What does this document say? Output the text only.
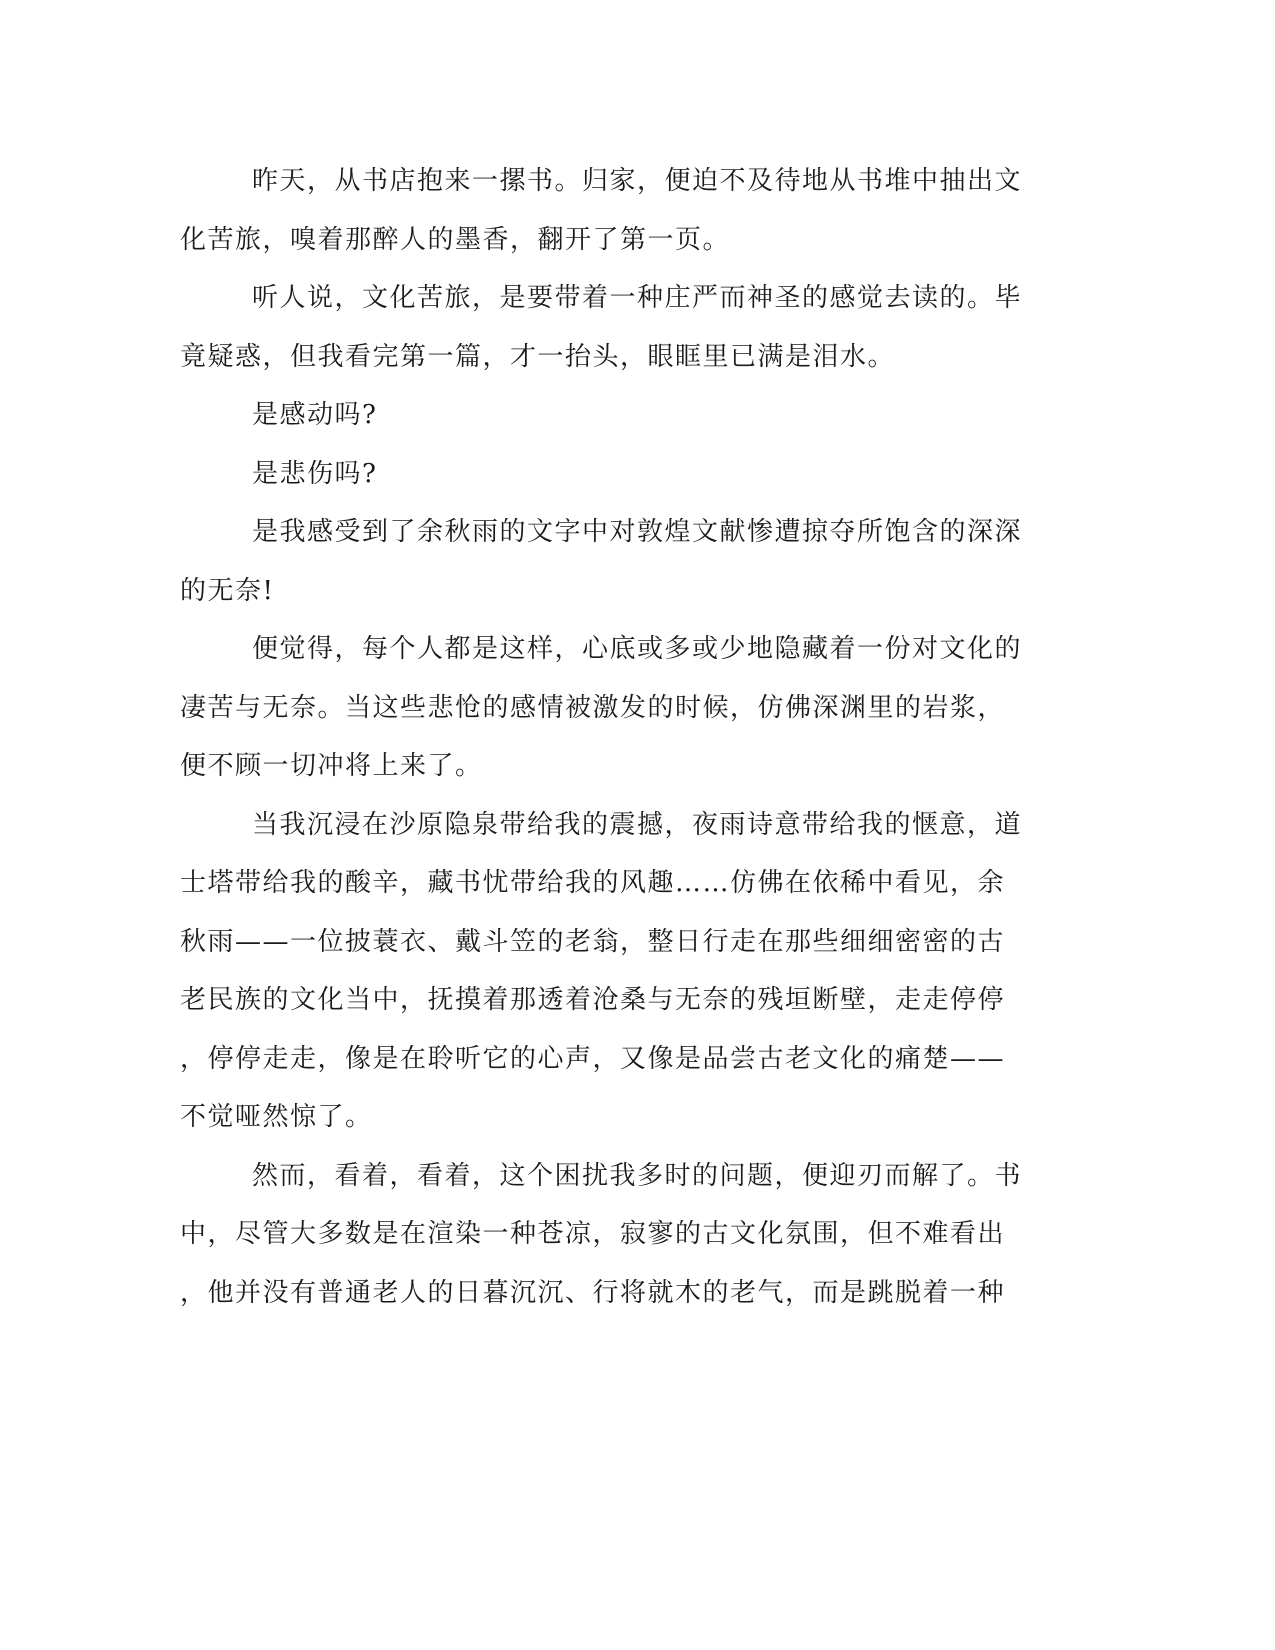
昨天，从书店抱来一摞书。归家，便迫不及待地从书堆中抽出文
化苦旅，嗅着那醉人的墨香，翻开了第一页。
听人说，文化苦旅，是要带着一种庄严而神圣的感觉去读的。毕
竟疑惑，但我看完第一篇，才一抬头，眼眶里已满是泪水。
是感动吗?
是悲伤吗?
是我感受到了余秋雨的文字中对敦煌文献惨遭掠夺所饱含的深深
的无奈!
便觉得，每个人都是这样，心底或多或少地隐藏着一份对文化的
凄苦与无奈。当这些悲怆的感情被激发的时候，仿佛深渊里的岩浆，
便不顾一切冲将上来了。
当我沉浸在沙原隐泉带给我的震撼，夜雨诗意带给我的惬意，道
士塔带给我的酸辛，藏书忧带给我的风趣……仿佛在依稀中看见，余
秋雨——一位披蓑衣、戴斗笠的老翁，整日行走在那些细细密密的古
老民族的文化当中，抚摸着那透着沧桑与无奈的残垣断壁，走走停停
，停停走走，像是在聆听它的心声，又像是品尝古老文化的痛楚——
不觉哑然惊了。
然而，看着，看着，这个困扰我多时的问题，便迎刃而解了。书
中，尽管大多数是在渲染一种苍凉，寂寥的古文化氛围，但不难看出
，他并没有普通老人的日暮沉沉、行将就木的老气，而是跳脱着一种
